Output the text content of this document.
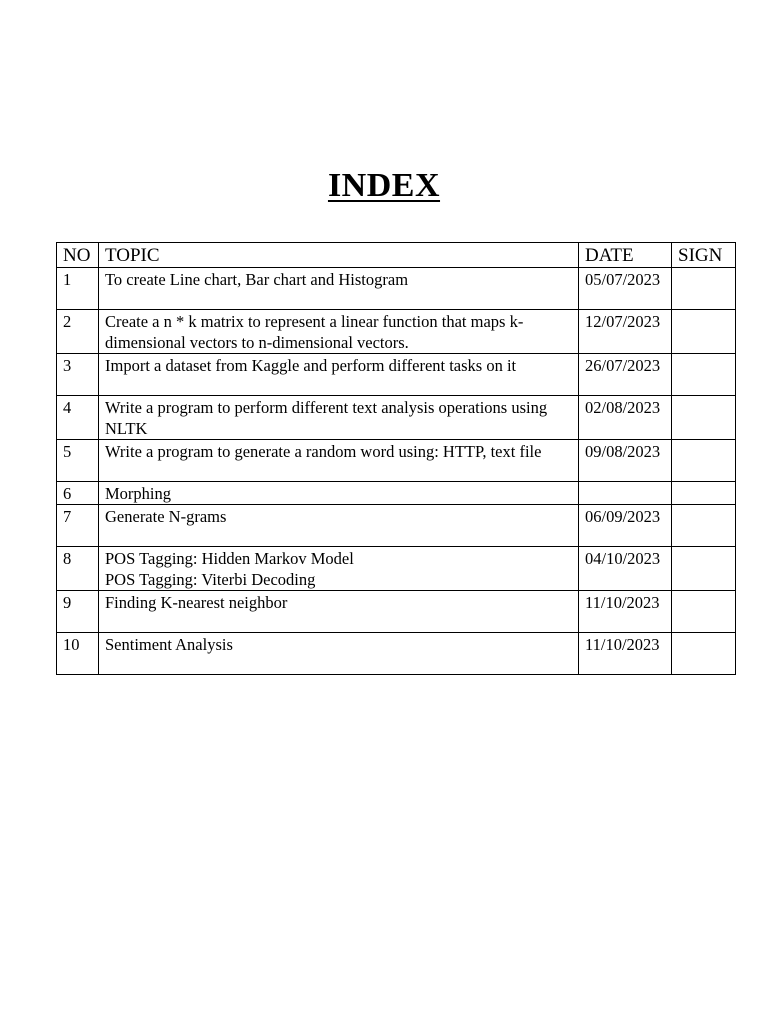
INDEX
NO	TOPIC	DATE	SIGN
1	To create Line chart, Bar chart and Histogram	05/07/2023	
2	Create a n * k matrix to represent a linear function that maps k-dimensional vectors to n-dimensional vectors.	12/07/2023	
3	Import a dataset from Kaggle and perform different tasks on it	26/07/2023	
4	Write a program to perform different text analysis operations using NLTK	02/08/2023	
5	Write a program to generate a random word using: HTTP, text file	09/08/2023	
6	Morphing		
7	Generate N-grams	06/09/2023	
8	POS Tagging: Hidden Markov Model
POS Tagging: Viterbi Decoding	04/10/2023	
9	Finding K-nearest neighbor	11/10/2023	
10	Sentiment Analysis	11/10/2023	
